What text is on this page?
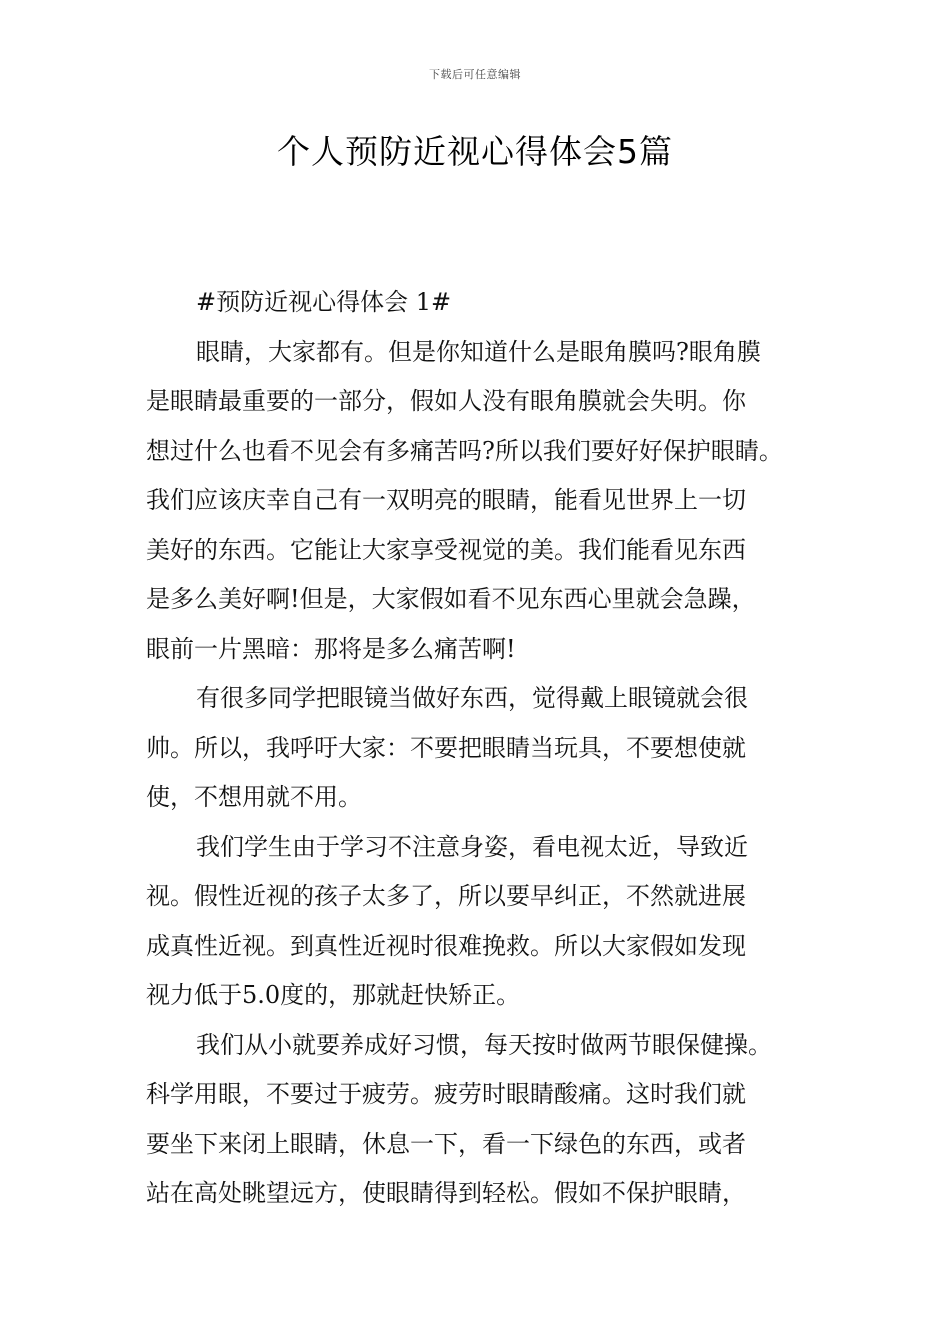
下载后可任意编辑
个人预防近视心得体会5篇
#预防近视心得体会 1#
眼睛，大家都有。但是你知道什么是眼角膜吗?眼角膜
是眼睛最重要的一部分，假如人没有眼角膜就会失明。你
想过什么也看不见会有多痛苦吗?所以我们要好好保护眼睛。
我们应该庆幸自己有一双明亮的眼睛，能看见世界上一切
美好的东西。它能让大家享受视觉的美。我们能看见东西
是多么美好啊!但是，大家假如看不见东西心里就会急躁，
眼前一片黑暗：那将是多么痛苦啊!
有很多同学把眼镜当做好东西，觉得戴上眼镜就会很
帅。所以，我呼吁大家：不要把眼睛当玩具，不要想使就
使，不想用就不用。
我们学生由于学习不注意身姿，看电视太近，导致近
视。假性近视的孩子太多了，所以要早纠正，不然就进展
成真性近视。到真性近视时很难挽救。所以大家假如发现
视力低于5.0度的，那就赶快矫正。
我们从小就要养成好习惯，每天按时做两节眼保健操。
科学用眼，不要过于疲劳。疲劳时眼睛酸痛。这时我们就
要坐下来闭上眼睛，休息一下，看一下绿色的东西，或者
站在高处眺望远方，使眼睛得到轻松。假如不保护眼睛，
